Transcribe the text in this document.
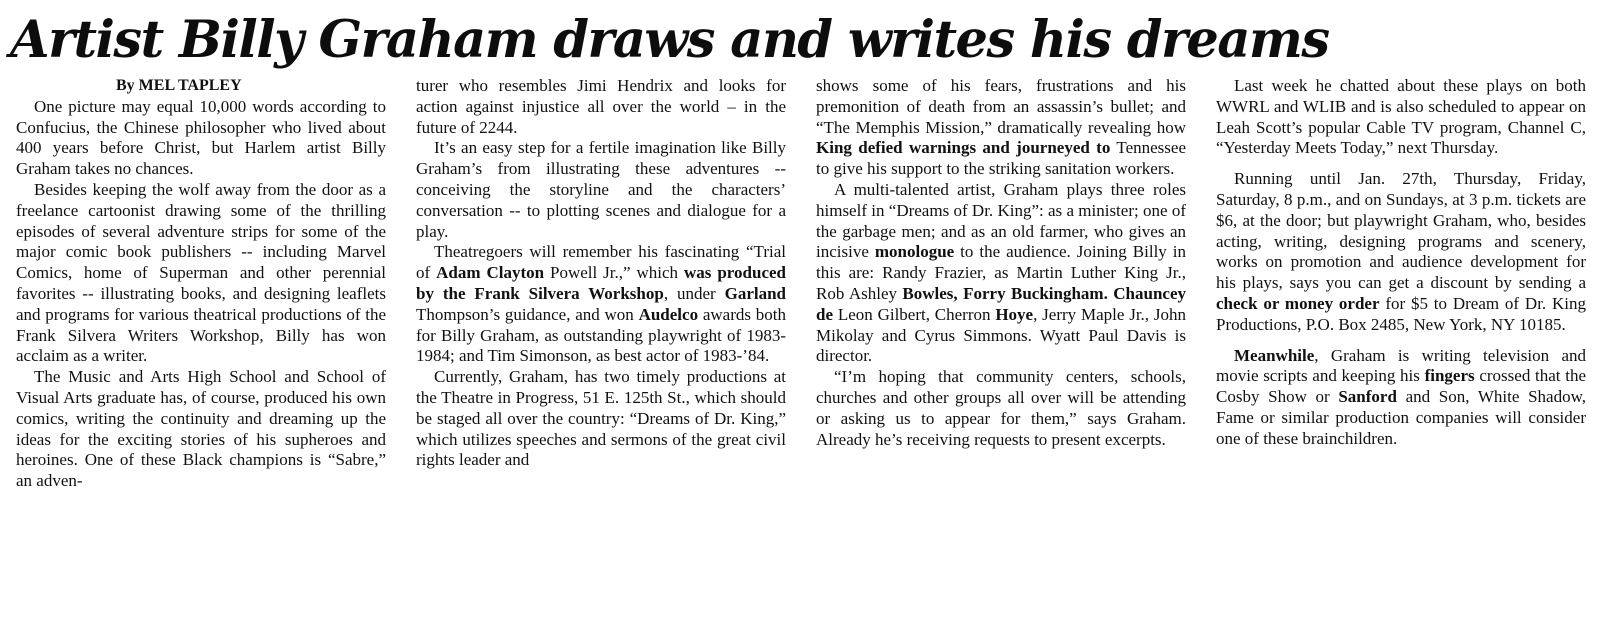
Artist Billy Graham draws and writes his dreams

By MEL TAPLEY

One picture may equal 10,000 words according to Confucius, the Chinese philosopher who lived about 400 years before Christ, but Harlem artist Billy Graham takes no chances.

Besides keeping the wolf away from the door as a freelance cartoonist drawing some of the thrilling episodes of several adventure strips for some of the major comic book publishers -- including Marvel Comics, home of Superman and other perennial favorites -- illustrating books, and designing leaflets and programs for various theatrical productions of the Frank Silvera Writers Workshop, Billy has won acclaim as a writer.

The Music and Arts High School and School of Visual Arts graduate has, of course, produced his own comics, writing the continuity and dreaming up the ideas for the exciting stories of his supheroes and heroines. One of these Black champions is “Sabre,” an adven-

turer who resembles Jimi Hendrix and looks for action against injustice all over the world – in the future of 2244.

It’s an easy step for a fertile imagination like Billy Graham’s from illustrating these adventures -- conceiving the storyline and the characters’ conversation -- to plotting scenes and dialogue for a play.

Theatregoers will remember his fascinating “Trial of Adam Clayton Powell Jr.,” which was produced by the Frank Silvera Workshop, under Garland Thompson’s guidance, and won Audelco awards both for Billy Graham, as outstanding playwright of 1983- 1984; and Tim Simonson, as best actor of 1983-’84.

Currently, Graham, has two timely productions at the Theatre in Progress, 51 E. 125th St., which should be staged all over the country: “Dreams of Dr. King,” which utilizes speeches and sermons of the great civil rights leader and

shows some of his fears, frustrations and his premonition of death from an assassin’s bullet; and “The Memphis Mission,” dramatically revealing how King defied warnings and journeyed to Tennessee to give his support to the striking sanitation workers.

A multi-talented artist, Graham plays three roles himself in “Dreams of Dr. King”: as a minister; one of the garbage men; and as an old farmer, who gives an incisive monologue to the audience. Joining Billy in this are: Randy Frazier, as Martin Luther King Jr., Rob Ashley Bowles, Forry Buckingham. Chauncey de Leon Gilbert, Cherron Hoye, Jerry Maple Jr., John Mikolay and Cyrus Simmons. Wyatt Paul Davis is director.

“I’m hoping that community centers, schools, churches and other groups all over will be attending or asking us to appear for them,” says Graham. Already he’s receiving requests to present excerpts.

Last week he chatted about these plays on both WWRL and WLIB and is also scheduled to appear on Leah Scott’s popular Cable TV program, Channel C, “Yesterday Meets Today,” next Thursday.

Running until Jan. 27th, Thursday, Friday, Saturday, 8 p.m., and on Sundays, at 3 p.m. tickets are $6, at the door; but playwright Graham, who, besides acting, writing, designing programs and scenery, works on promotion and audience development for his plays, says you can get a discount by sending a check or money order for $5 to Dream of Dr. King Productions, P.O. Box 2485, New York, NY 10185.

Meanwhile, Graham is writing television and movie scripts and keeping his fingers crossed that the Cosby Show or Sanford and Son, White Shadow, Fame or similar production companies will consider one of these brainchildren.
